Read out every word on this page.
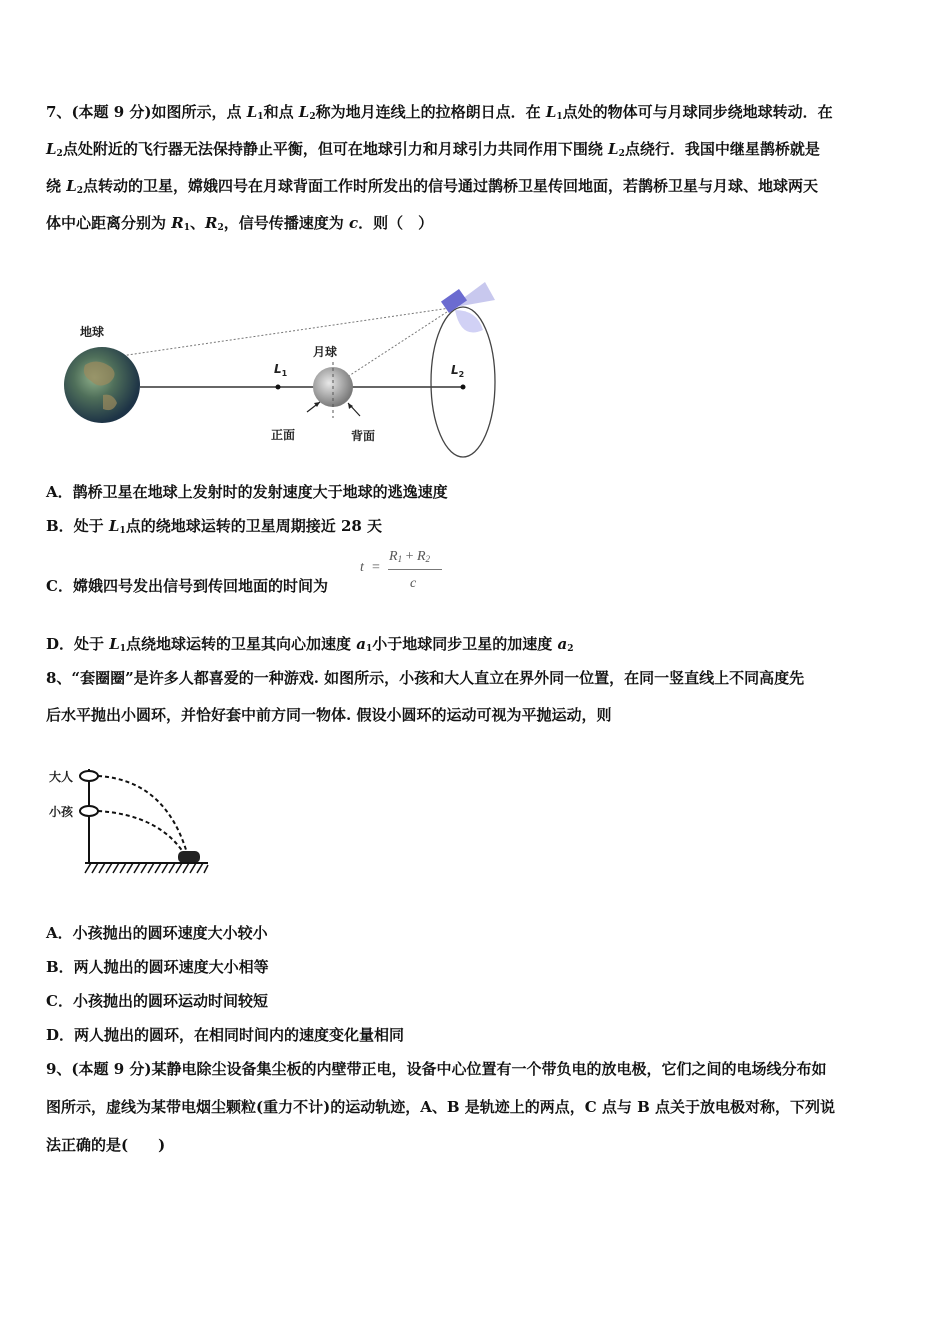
7、(本题 9 分)如图所示，点 $L_1$和点 $L_2$称为地月连线上的拉格朗日点．在 $L_1$点处的物体可与月球同步绕地球转动．在
$L_2$点处附近的飞行器无法保持静止平衡，但可在地球引力和月球引力共同作用下围绕 $L_2$点绕行．我国中继星鹊桥就是
绕 $L_2$点转动的卫星，嫦娥四号在月球背面工作时所发出的信号通过鹊桥卫星传回地面，若鹊桥卫星与月球、地球两天
体中心距离分别为 $R_1$、$R_2$，信号传播速度为 c．则（　）
地球
月球
$L_1$	$L_2$
正面	背面
A．鹊桥卫星在地球上发射时的发射速度大于地球的逃逸速度
B．处于 $L_1$点的绕地球运转的卫星周期接近 28 天
C．嫦娥四号发出信号到传回地面的时间为
t =
$R_1 + R_2$
c
D．处于 $L_1$点绕地球运转的卫星其向心加速度 $a_1$小于地球同步卫星的加速度 $a_2$
8、“套圈圈”是许多人都喜爱的一种游戏. 如图所示，小孩和大人直立在界外同一位置，在同一竖直线上不同高度先
后水平抛出小圆环，并恰好套中前方同一物体. 假设小圆环的运动可视为平抛运动，则
大人
小孩
A．小孩抛出的圆环速度大小较小
B．两人抛出的圆环速度大小相等
C．小孩抛出的圆环运动时间较短
D．两人抛出的圆环，在相同时间内的速度变化量相同
9、(本题 9 分)某静电除尘设备集尘板的内壁带正电，设备中心位置有一个带负电的放电极，它们之间的电场线分布如
图所示，虚线为某带电烟尘颗粒(重力不计)的运动轨迹，A、B 是轨迹上的两点，C 点与 B 点关于放电极对称，下列说
法正确的是(　　)
